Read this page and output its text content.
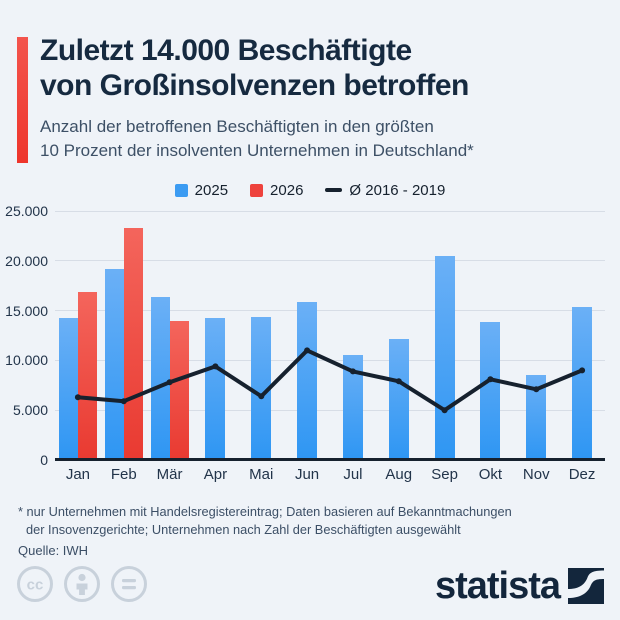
Zuletzt 14.000 Beschäftigte
von Großinsolvenzen betroffen
Anzahl der betroffenen Beschäftigten in den größten
10 Prozent der insolventen Unternehmen in Deutschland*
2025	2026	Ø 2016 - 2019
0
5.000
10.000
15.000
20.000
25.000
Jan	Feb	Mär	Apr	Mai	Jun	Jul	Aug	Sep	Okt	Nov	Dez
* nur Unternehmen mit Handelsregistereintrag; Daten basieren auf Bekanntmachungen
der Insovenzgerichte; Unternehmen nach Zahl der Beschäftigten ausgewählt
Quelle: IWH
cc	statista
